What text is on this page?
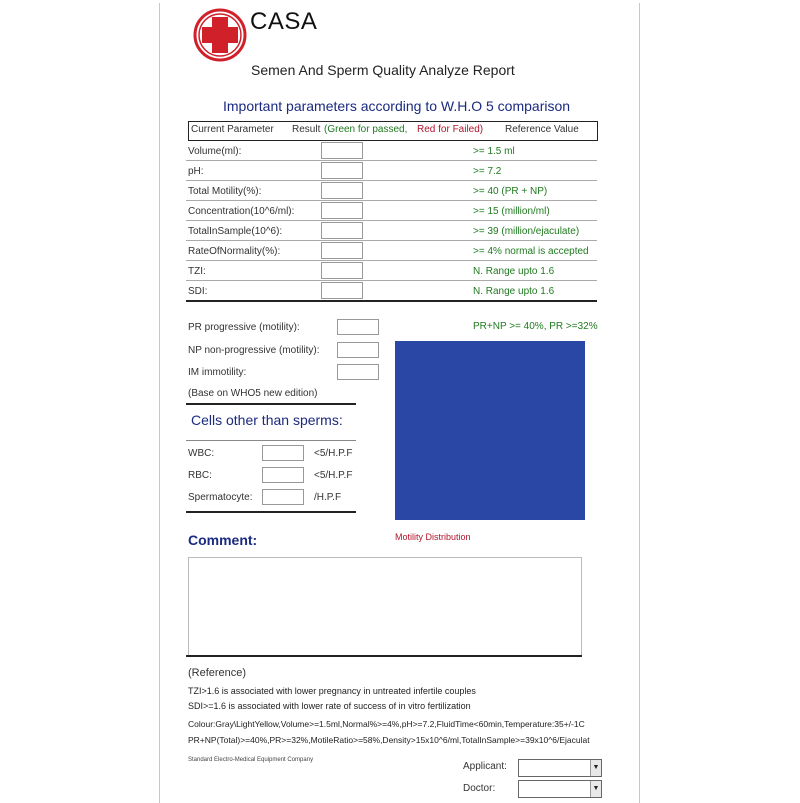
CASA
Semen And Sperm Quality Analyze Report
Important parameters according to W.H.O 5 comparison
Current Parameter Result (Green for passed, Red for Failed) Reference Value
Volume(ml):	>= 1.5 ml
pH:	>= 7.2
Total Motility(%):	>= 40 (PR + NP)
Concentration(10^6/ml):	>= 15 (million/ml)
TotalInSample(10^6):	>= 39 (million/ejaculate)
RateOfNormality(%):	>= 4% normal is accepted
TZI:	N. Range upto 1.6
SDI:	N. Range upto 1.6
PR progressive (motility):
NP non-progressive (motility):
IM immotility:
(Base on WHO5 new edition)
PR+NP >= 40%, PR >=32%
Motility Distribution
Cells other than sperms:
WBC:	<5/H.P.F
RBC:	<5/H.P.F
Spermatocyte:	/H.P.F
Comment:
(Reference)
TZI>1.6 is associated with lower pregnancy in untreated infertile couples
SDI>=1.6 is associated with lower rate of success of in vitro fertilization
Colour:Gray\LightYellow,Volume>=1.5ml,Normal%>=4%,pH>=7.2,FluidTime<60min,Temperature:35+/-1C
PR+NP(Total)>=40%,PR>=32%,MotileRatio>=58%,Density>15x10^6/ml,TotalInSample>=39x10^6/Ejaculat
Standard Electro-Medical Equipment Company
Applicant:	▼
Doctor:	▼
